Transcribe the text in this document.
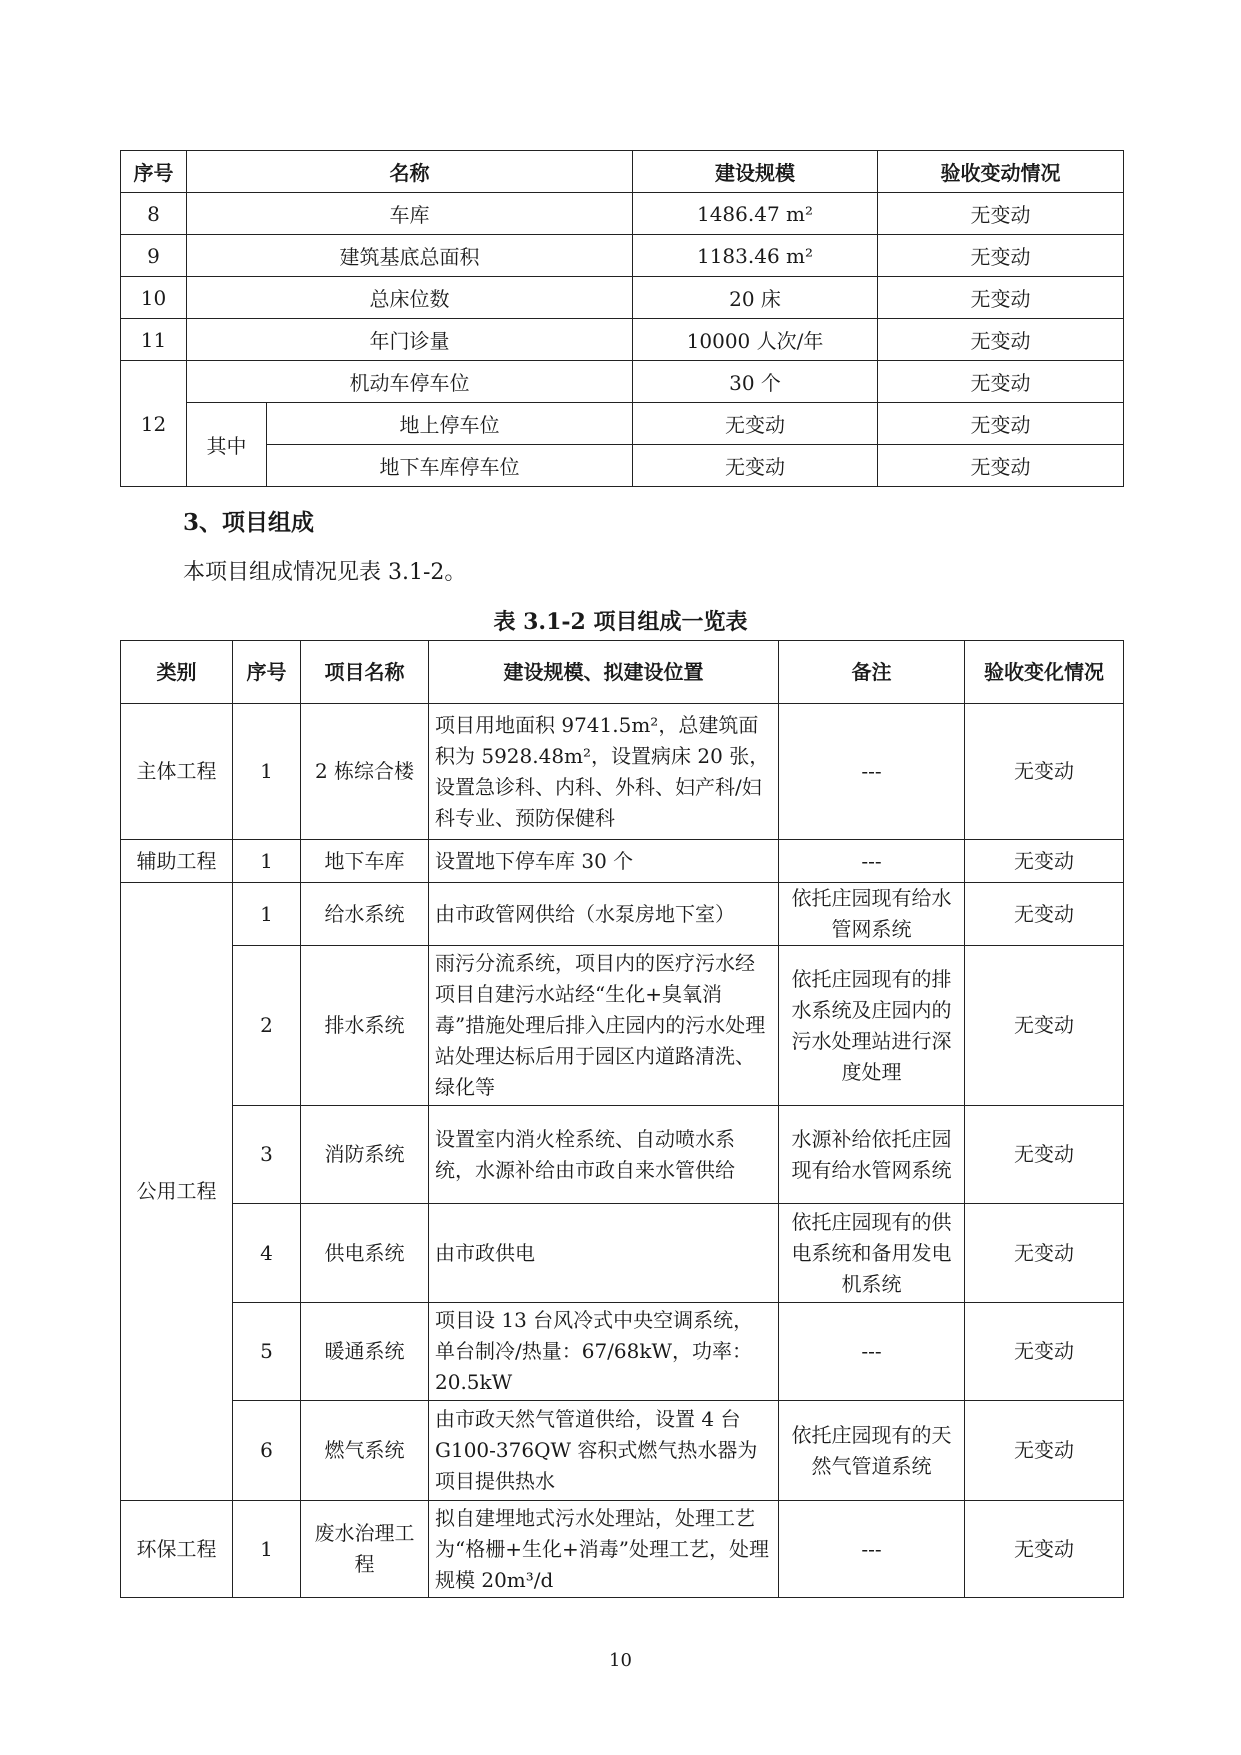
序号	名称		建设规模	验收变动情况
8	车库		1486.47 m²	无变动
9	建筑基底总面积		1183.46 m²	无变动
10	总床位数		20 床	无变动
11	年门诊量		10000 人次/年	无变动
12	机动车停车位		30 个	无变动
	其中	地上停车位	无变动	无变动
		地下车库停车位	无变动	无变动
3、项目组成
本项目组成情况见表 3.1-2。
表 3.1-2 项目组成一览表
类别	序号	项目名称	建设规模、拟建设位置	备注	验收变化情况
主体工程	1	2 栋综合楼	项目用地面积 9741.5m²，总建筑面积为 5928.48m²，设置病床 20 张，设置急诊科、内科、外科、妇产科/妇科专业、预防保健科	---	无变动
辅助工程	1	地下车库	设置地下停车库 30 个	---	无变动
公用工程	1	给水系统	由市政管网供给（水泵房地下室）	依托庄园现有给水管网系统	无变动
	2	排水系统	雨污分流系统，项目内的医疗污水经项目自建污水站经“生化+臭氧消毒”措施处理后排入庄园内的污水处理站处理达标后用于园区内道路清洗、绿化等	依托庄园现有的排水系统及庄园内的污水处理站进行深度处理	无变动
	3	消防系统	设置室内消火栓系统、自动喷水系统，水源补给由市政自来水管供给	水源补给依托庄园现有给水管网系统	无变动
	4	供电系统	由市政供电	依托庄园现有的供电系统和备用发电机系统	无变动
	5	暖通系统	项目设 13 台风冷式中央空调系统，单台制冷/热量：67/68kW，功率：20.5kW	---	无变动
	6	燃气系统	由市政天然气管道供给，设置 4 台 G100-376QW 容积式燃气热水器为项目提供热水	依托庄园现有的天然气管道系统	无变动
环保工程	1	废水治理工程	拟自建埋地式污水处理站，处理工艺为“格栅+生化+消毒”处理工艺，处理规模 20m³/d	---	无变动
10
